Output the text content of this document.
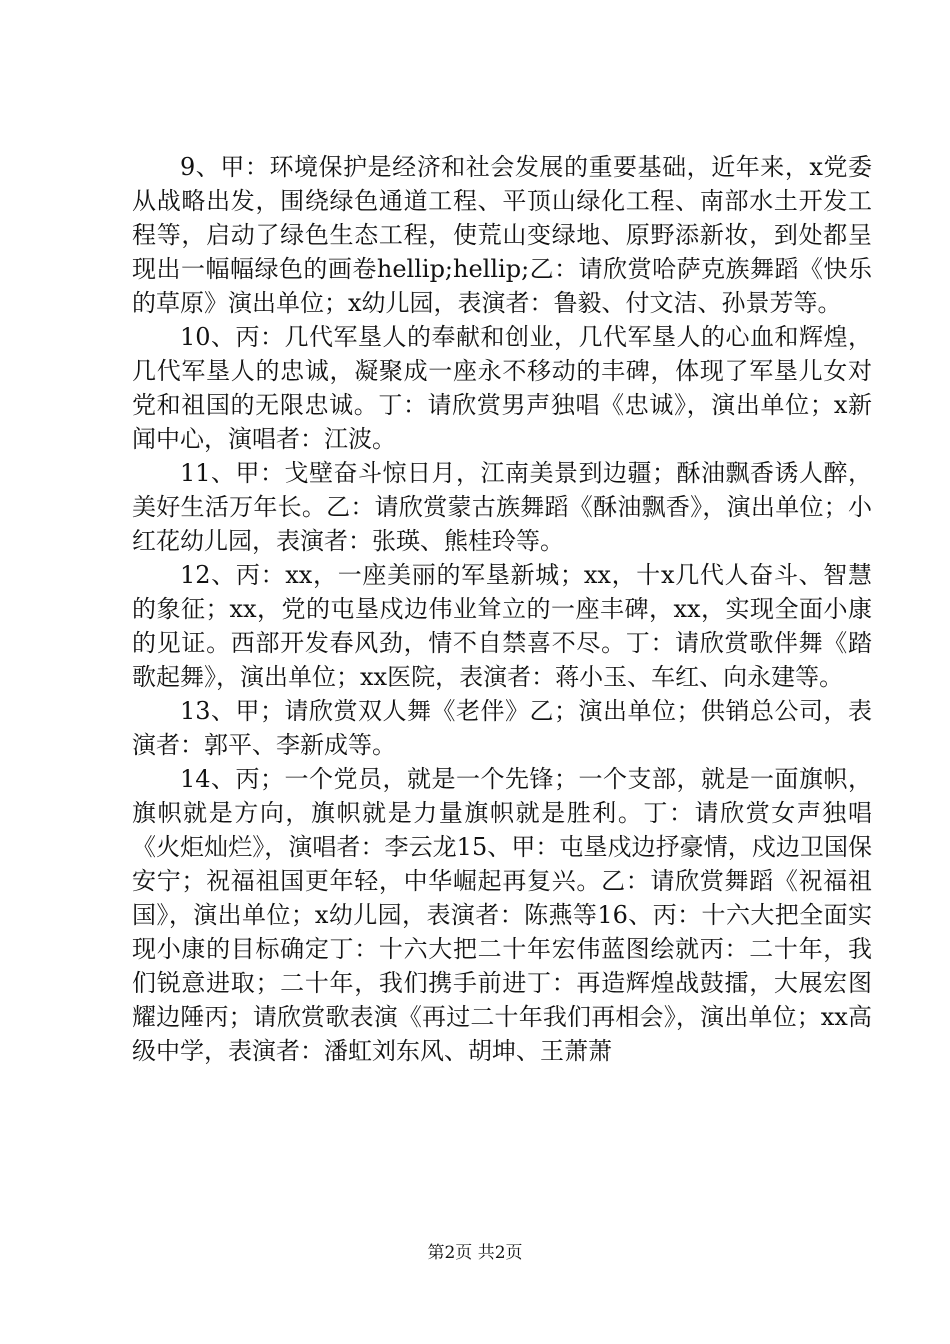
9、甲：环境保护是经济和社会发展的重要基础，近年来，x党委从战略出发，围绕绿色通道工程、平顶山绿化工程、南部水土开发工程等，启动了绿色生态工程，使荒山变绿地、原野添新妆，到处都呈现出一幅幅绿色的画卷hellip;hellip;乙：请欣赏哈萨克族舞蹈《快乐的草原》演出单位；x幼儿园，表演者：鲁毅、付文洁、孙景芳等。

10、丙：几代军垦人的奉献和创业，几代军垦人的心血和辉煌，几代军垦人的忠诚，凝聚成一座永不移动的丰碑，体现了军垦儿女对党和祖国的无限忠诚。丁：请欣赏男声独唱《忠诚》，演出单位；x新闻中心，演唱者：江波。

11、甲：戈壁奋斗惊日月，江南美景到边疆；酥油飘香诱人醉，美好生活万年长。乙：请欣赏蒙古族舞蹈《酥油飘香》，演出单位；小红花幼儿园，表演者：张瑛、熊桂玲等。

12、丙：xx，一座美丽的军垦新城；xx，十x几代人奋斗、智慧的象征；xx，党的屯垦戍边伟业耸立的一座丰碑，xx，实现全面小康的见证。西部开发春风劲，情不自禁喜不尽。丁：请欣赏歌伴舞《踏歌起舞》，演出单位；xx医院，表演者：蒋小玉、车红、向永建等。

13、甲；请欣赏双人舞《老伴》乙；演出单位；供销总公司，表演者：郭平、李新成等。

14、丙；一个党员，就是一个先锋；一个支部，就是一面旗帜，旗帜就是方向，旗帜就是力量旗帜就是胜利。丁：请欣赏女声独唱《火炬灿烂》，演唱者：李云龙15、甲：屯垦戍边抒豪情，戍边卫国保安宁；祝福祖国更年轻，中华崛起再复兴。乙：请欣赏舞蹈《祝福祖国》，演出单位；x幼儿园，表演者：陈燕等16、丙：十六大把全面实现小康的目标确定丁：十六大把二十年宏伟蓝图绘就丙：二十年，我们锐意进取；二十年，我们携手前进丁：再造辉煌战鼓擂，大展宏图耀边陲丙；请欣赏歌表演《再过二十年我们再相会》，演出单位；xx高级中学，表演者：潘虹刘东风、胡坤、王萧萧

第2页 共2页
